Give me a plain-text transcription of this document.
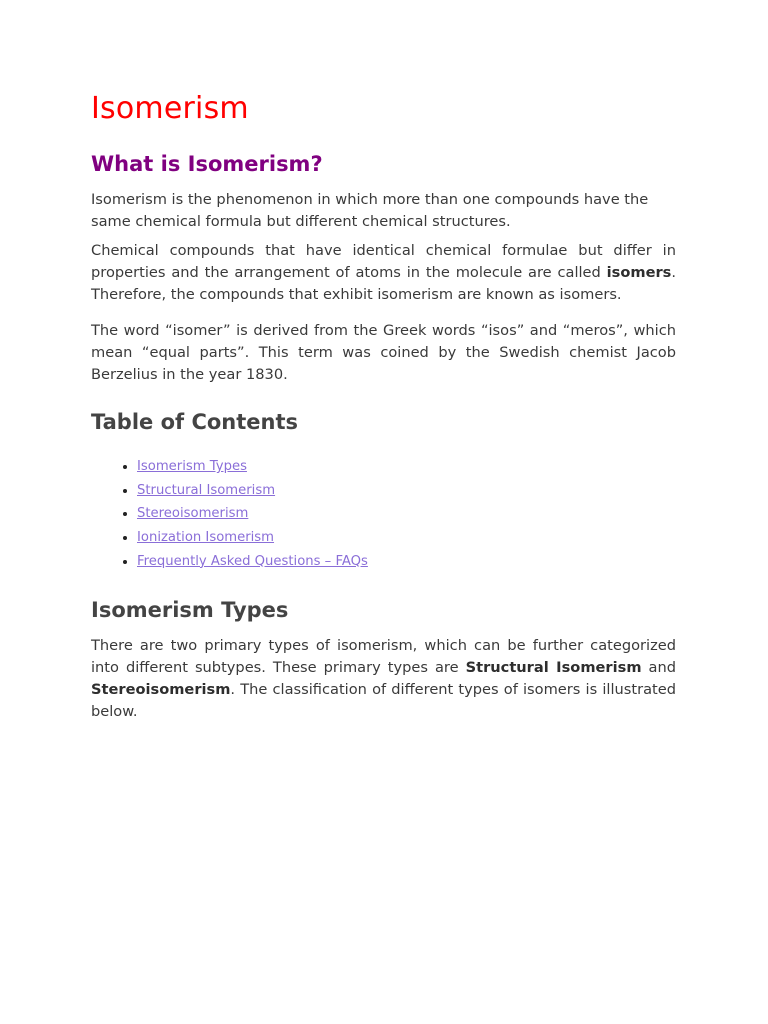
Isomerism
What is Isomerism?

Isomerism is the phenomenon in which more than one compounds have the same chemical formula but different chemical structures.

Chemical compounds that have identical chemical formulae but differ in properties and the arrangement of atoms in the molecule are called isomers. Therefore, the compounds that exhibit isomerism are known as isomers.

The word “isomer” is derived from the Greek words “isos” and “meros”, which mean “equal parts”. This term was coined by the Swedish chemist Jacob Berzelius in the year 1830.

Table of Contents
• Isomerism Types
• Structural Isomerism
• Stereoisomerism
• Ionization Isomerism
• Frequently Asked Questions – FAQs
Isomerism Types

There are two primary types of isomerism, which can be further categorized into different subtypes. These primary types are Structural Isomerism and Stereoisomerism. The classification of different types of isomers is illustrated below.
